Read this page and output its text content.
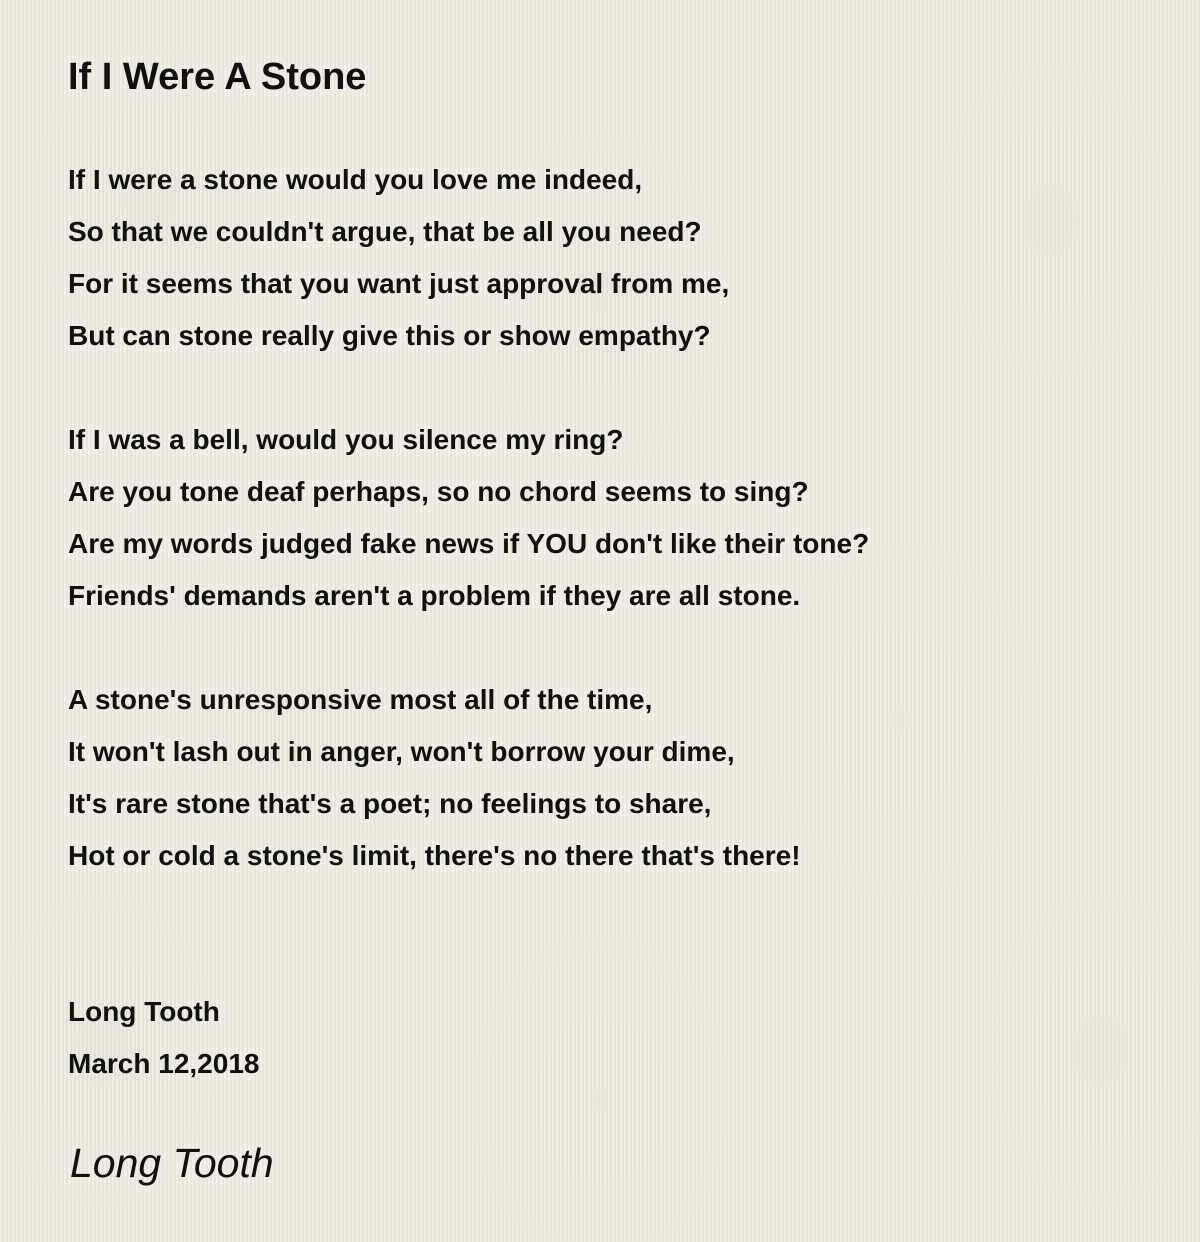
If I Were A Stone
If I were a stone would you love me indeed,
So that we couldn't argue, that be all you need?
For it seems that you want just approval from me,
But can stone really give this or show empathy?
If I was a bell, would you silence my ring?
Are you tone deaf perhaps, so no chord seems to sing?
Are my words judged fake news if YOU don't like their tone?
Friends' demands aren't a problem if they are all stone.
A stone's unresponsive most all of the time,
It won't lash out in anger, won't borrow your dime,
It's rare stone that's a poet; no feelings to share,
Hot or cold a stone's limit, there's no there that's there!
Long Tooth
March 12,2018
Long Tooth
